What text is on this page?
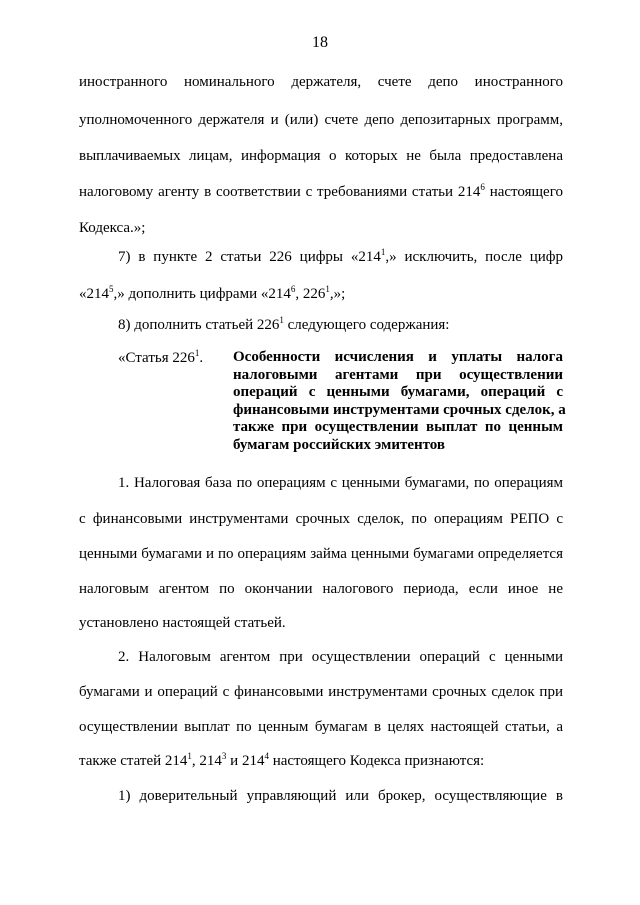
18
иностранного номинального держателя, счете депо иностранного
уполномоченного держателя и (или) счете депо депозитарных программ,
выплачиваемых лицам, информация о которых не была предоставлена
налоговому агенту в соответствии с требованиями статьи $214^6$ настоящего
Кодекса.»;
7) в пункте 2 статьи 226 цифры «$214^1$,» исключить, после цифр
«$214^5$,» дополнить цифрами «$214^6$, $226^1$,»;
8) дополнить статьей $226^1$ следующего содержания:
«Статья $226^1$. Особенности исчисления и уплаты налога
налоговыми агентами при осуществлении
операций с ценными бумагами, операций с
финансовыми инструментами срочных сделок, а
также при осуществлении выплат по ценным
бумагам российских эмитентов
1. Налоговая база по операциям с ценными бумагами, по операциям
с финансовыми инструментами срочных сделок, по операциям РЕПО с
ценными бумагами и по операциям займа ценными бумагами определяется
налоговым агентом по окончании налогового периода, если иное не
установлено настоящей статьей.
2. Налоговым агентом при осуществлении операций с ценными
бумагами и операций с финансовыми инструментами срочных сделок при
осуществлении выплат по ценным бумагам в целях настоящей статьи, а
также статей $214^1$, $214^3$ и $214^4$ настоящего Кодекса признаются:
1) доверительный управляющий или брокер, осуществляющие в
